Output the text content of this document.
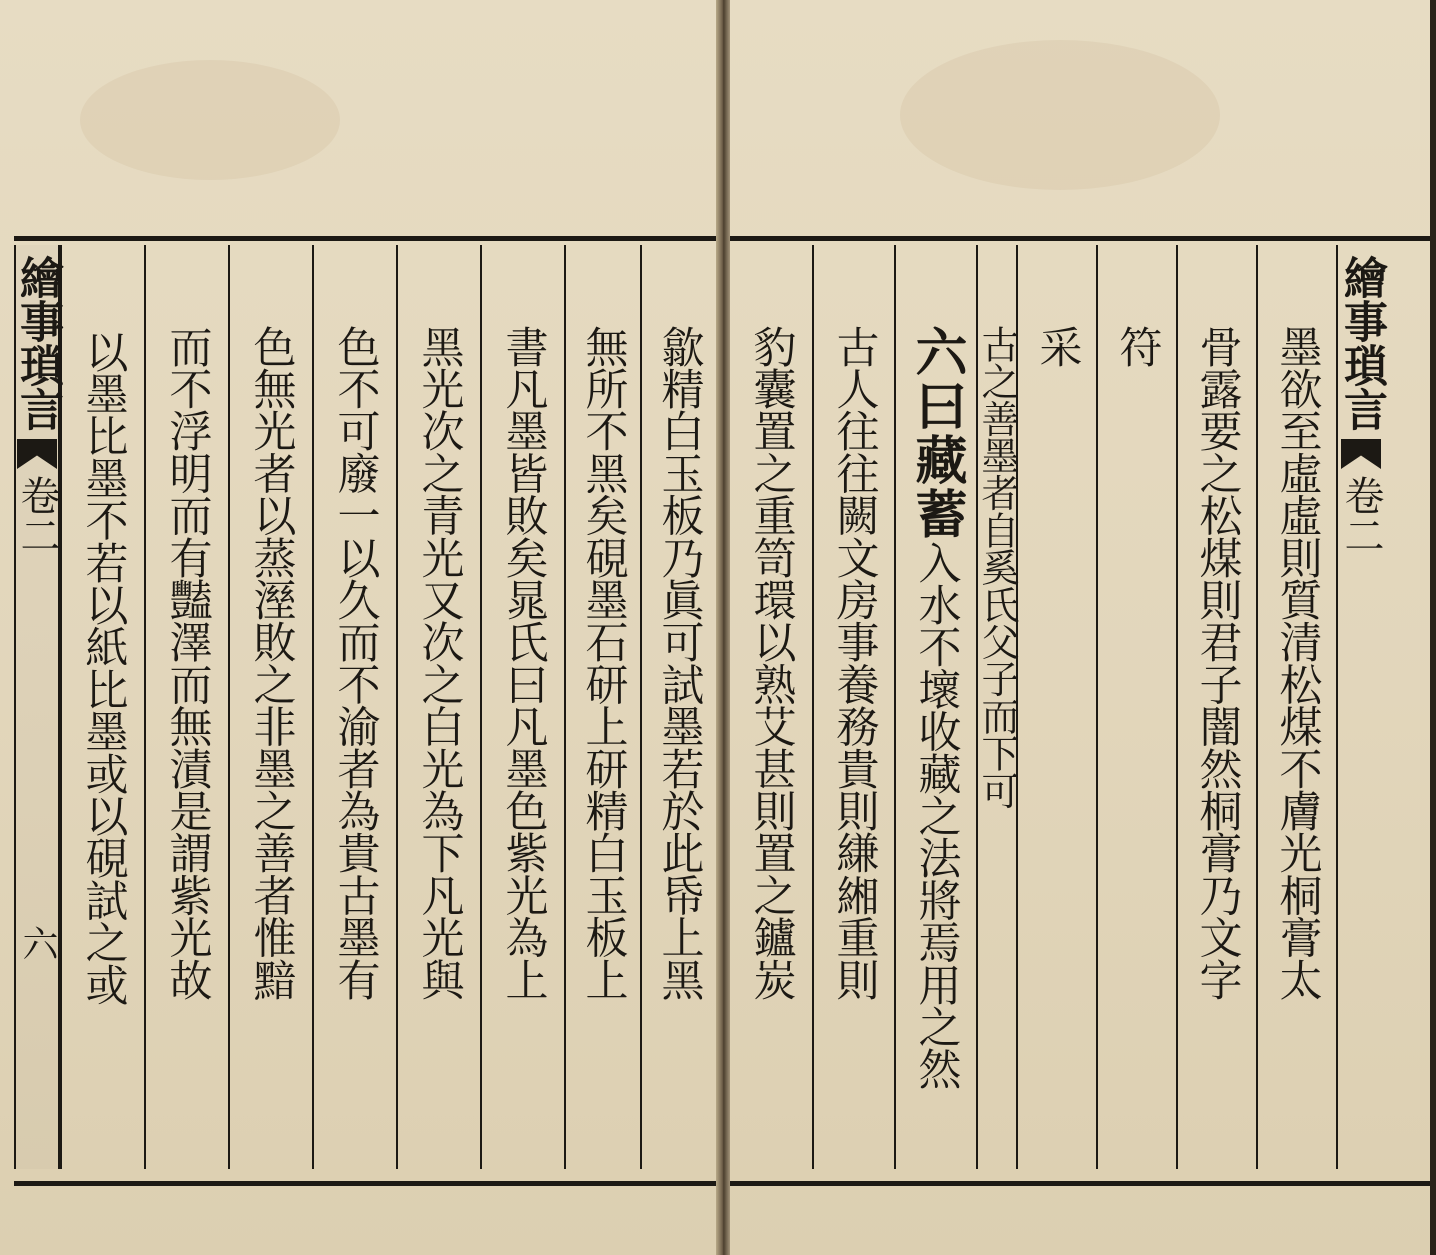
繪事瑣言
卷二
六 以墨比墨不若以紙比墨或以硯試之或 而不浮明而有豔澤而無漬是謂紫光故 色無光者以蒸溼敗之非墨之善者惟黯 色不可廢一以久而不渝者為貴古墨有 黑光次之青光又次之白光為下凡光與 書凡墨皆敗矣晁氏曰凡墨色紫光為上 無所不黑矣硯墨石研上研精白玉板上 歙精白玉板乃眞可試墨若於此帋上黑 豹囊置之重笥環以熟艾甚則置之鑪炭 古人往往闕文房事養務貴則縑緗重則 六曰藏蓄
入水不壞收藏之法將焉用之然 古之善墨者自奚氏父子而下可 采 符 骨露要之松煤則君子闇然桐膏乃文字 墨欲至虛虛則質清松煤不膚光桐膏太 繪事瑣言
卷二
